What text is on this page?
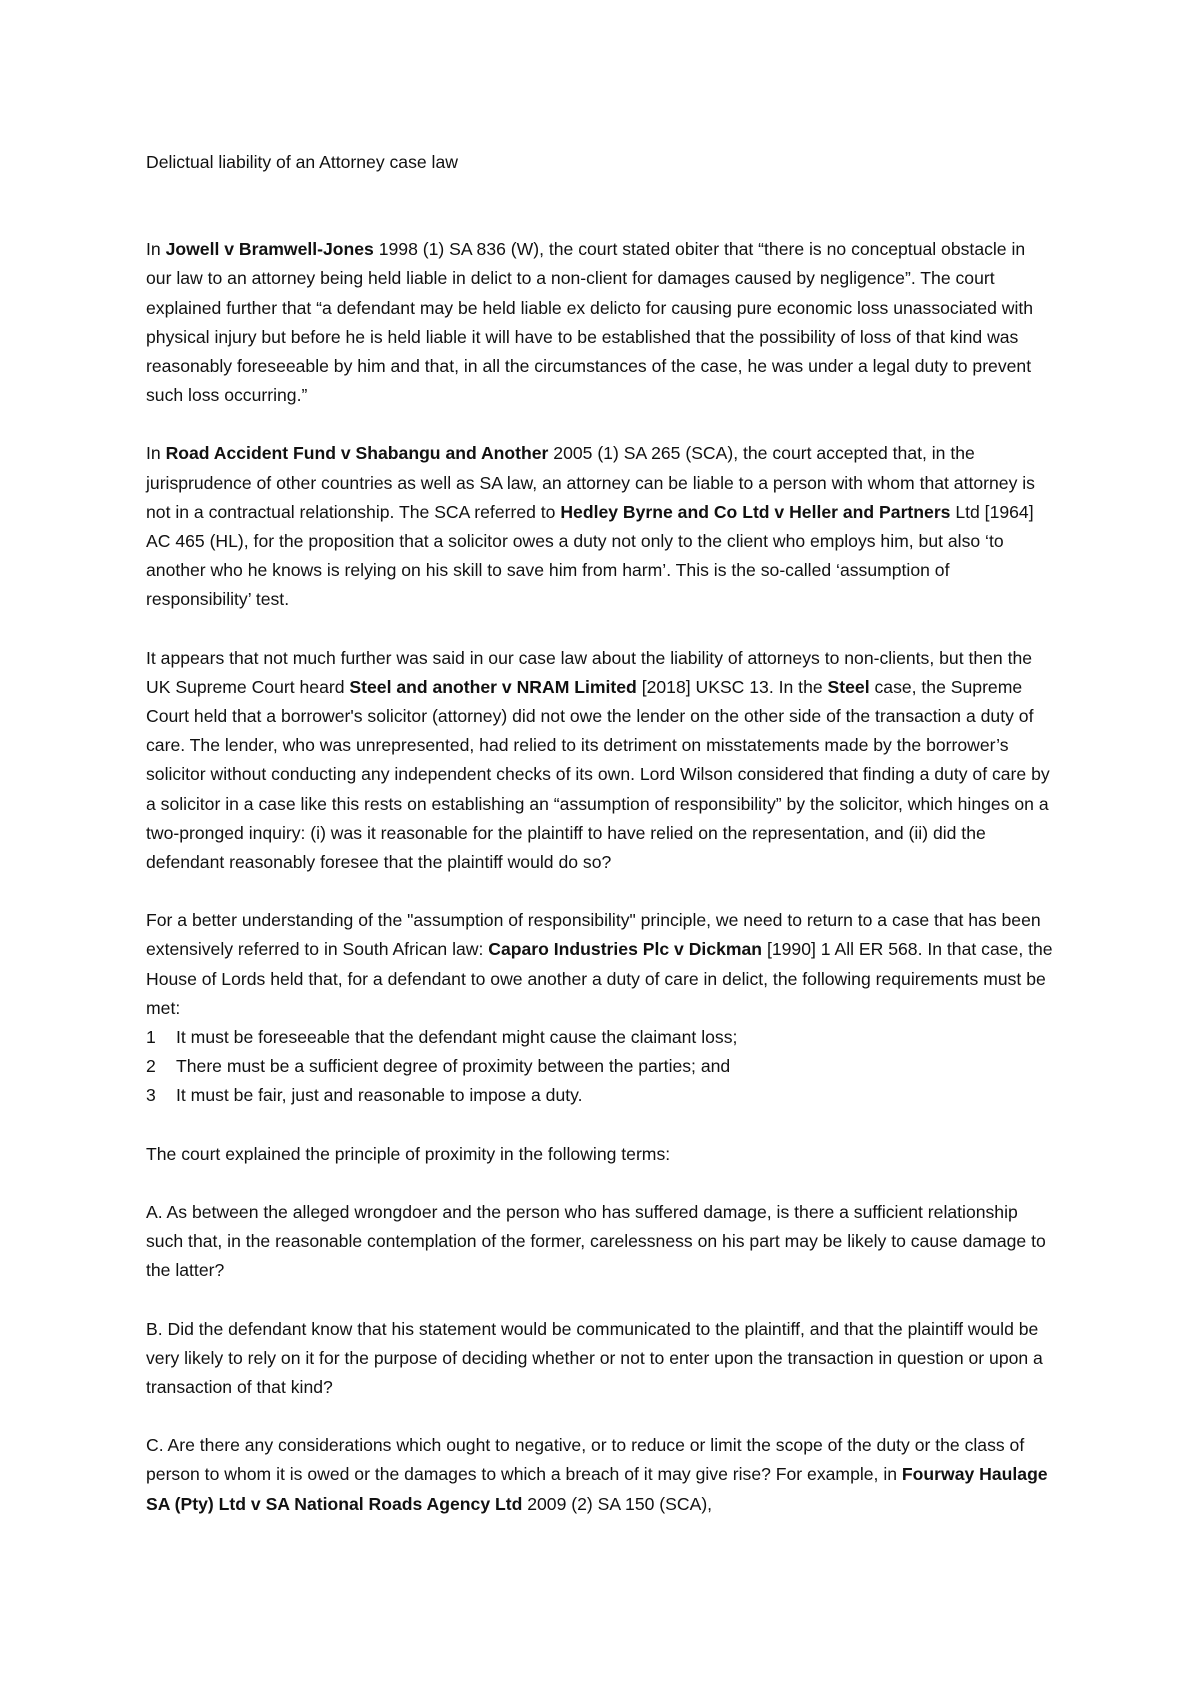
Delictual liability of an Attorney case law

In Jowell v Bramwell-Jones 1998 (1) SA 836 (W), the court stated obiter that “there is no conceptual obstacle in our law to an attorney being held liable in delict to a non-client for damages caused by negligence”. The court explained further that “a defendant may be held liable ex delicto for causing pure economic loss unassociated with physical injury but before he is held liable it will have to be established that the possibility of loss of that kind was reasonably foreseeable by him and that, in all the circumstances of the case, he was under a legal duty to prevent such loss occurring.”

In Road Accident Fund v Shabangu and Another 2005 (1) SA 265 (SCA), the court accepted that, in the jurisprudence of other countries as well as SA law, an attorney can be liable to a person with whom that attorney is not in a contractual relationship. The SCA referred to Hedley Byrne and Co Ltd v Heller and Partners Ltd [1964] AC 465 (HL), for the proposition that a solicitor owes a duty not only to the client who employs him, but also ‘to another who he knows is relying on his skill to save him from harm’. This is the so-called ‘assumption of responsibility’ test.

It appears that not much further was said in our case law about the liability of attorneys to non-clients, but then the UK Supreme Court heard Steel and another v NRAM Limited [2018] UKSC 13. In the Steel case, the Supreme Court held that a borrower's solicitor (attorney) did not owe the lender on the other side of the transaction a duty of care. The lender, who was unrepresented, had relied to its detriment on misstatements made by the borrower’s solicitor without conducting any independent checks of its own. Lord Wilson considered that finding a duty of care by a solicitor in a case like this rests on establishing an “assumption of responsibility” by the solicitor, which hinges on a two-pronged inquiry: (i) was it reasonable for the plaintiff to have relied on the representation, and (ii) did the defendant reasonably foresee that the plaintiff would do so?

For a better understanding of the "assumption of responsibility" principle, we need to return to a case that has been extensively referred to in South African law: Caparo Industries Plc v Dickman [1990] 1 All ER 568. In that case, the House of Lords held that, for a defendant to owe another a duty of care in delict, the following requirements must be met:

1	It must be foreseeable that the defendant might cause the claimant loss;
2	There must be a sufficient degree of proximity between the parties; and
3	It must be fair, just and reasonable to impose a duty.

The court explained the principle of proximity in the following terms:

A. As between the alleged wrongdoer and the person who has suffered damage, is there a sufficient relationship such that, in the reasonable contemplation of the former, carelessness on his part may be likely to cause damage to the latter?

B. Did the defendant know that his statement would be communicated to the plaintiff, and that the plaintiff would be very likely to rely on it for the purpose of deciding whether or not to enter upon the transaction in question or upon a transaction of that kind?

C. Are there any considerations which ought to negative, or to reduce or limit the scope of the duty or the class of person to whom it is owed or the damages to which a breach of it may give rise? For example, in Fourway Haulage SA (Pty) Ltd v SA National Roads Agency Ltd 2009 (2) SA 150 (SCA),
